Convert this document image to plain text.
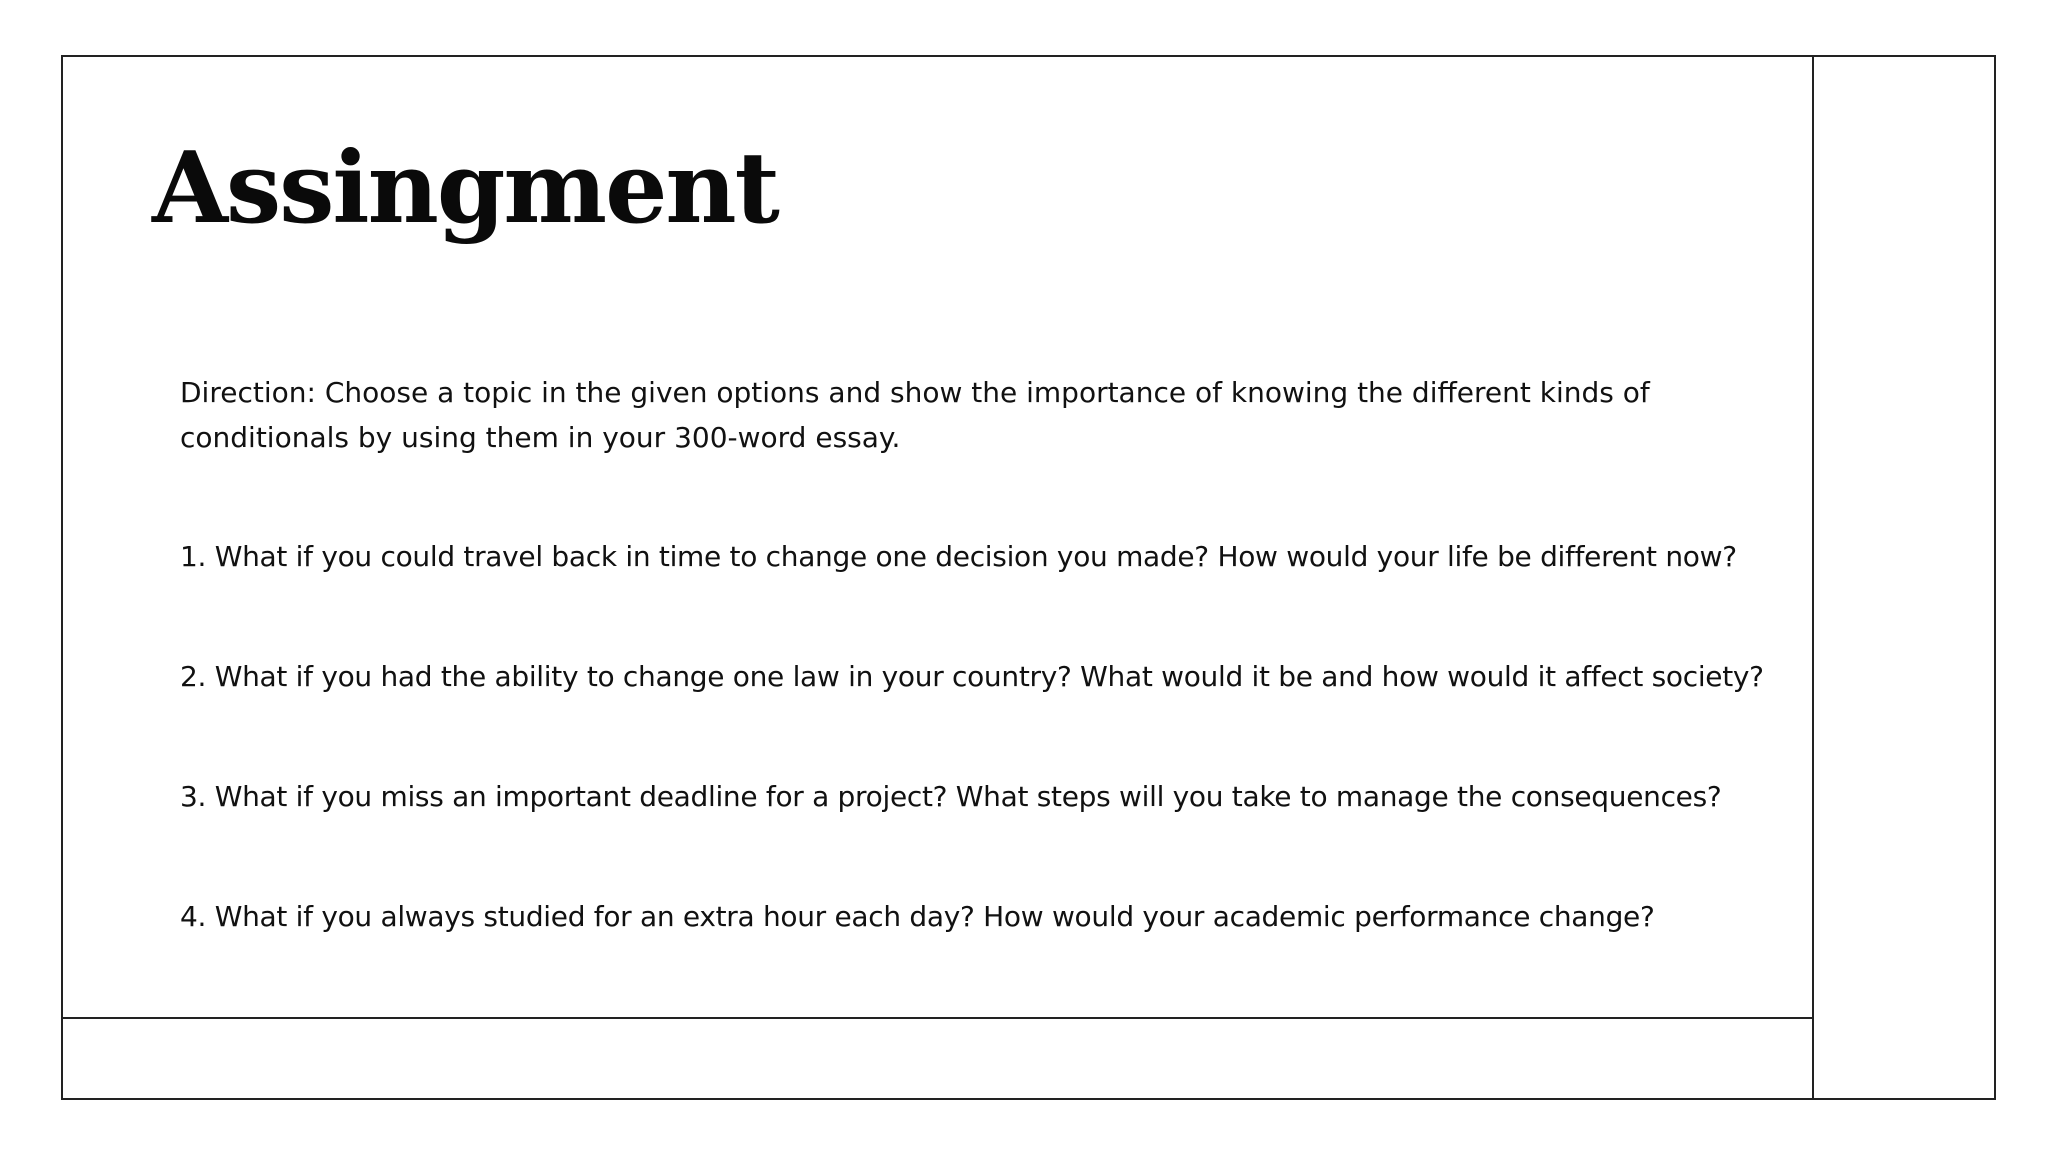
Assingment

Direction: Choose a topic in the given options and show the importance of knowing the different kinds of conditionals by using them in your 300-word essay.

1. What if you could travel back in time to change one decision you made? How would your life be different now?
2. What if you had the ability to change one law in your country? What would it be and how would it affect society?
3. What if you miss an important deadline for a project? What steps will you take to manage the consequences?
4. What if you always studied for an extra hour each day? How would your academic performance change?
